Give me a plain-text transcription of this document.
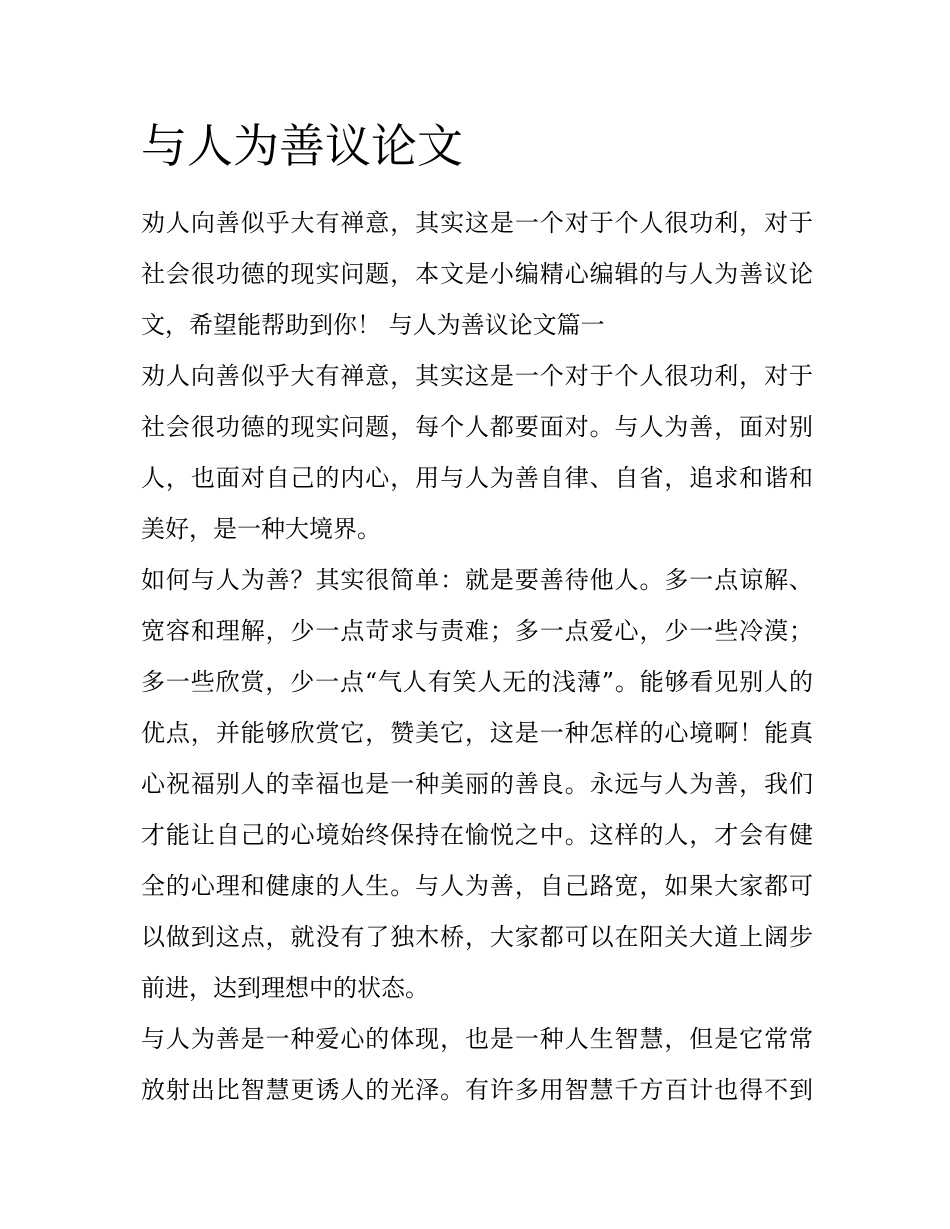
与人为善议论文
劝人向善似乎大有禅意，其实这是一个对于个人很功利，对于
社会很功德的现实问题，本文是小编精心编辑的与人为善议论
文，希望能帮助到你！ 与人为善议论文篇一
劝人向善似乎大有禅意，其实这是一个对于个人很功利，对于
社会很功德的现实问题，每个人都要面对。与人为善，面对别
人，也面对自己的内心，用与人为善自律、自省，追求和谐和
美好，是一种大境界。
如何与人为善？其实很简单：就是要善待他人。多一点谅解、
宽容和理解，少一点苛求与责难；多一点爱心，少一些冷漠；
多一些欣赏，少一点“气人有笑人无的浅薄”。能够看见别人的
优点，并能够欣赏它，赞美它，这是一种怎样的心境啊！能真
心祝福别人的幸福也是一种美丽的善良。永远与人为善，我们
才能让自己的心境始终保持在愉悦之中。这样的人，才会有健
全的心理和健康的人生。与人为善，自己路宽，如果大家都可
以做到这点，就没有了独木桥，大家都可以在阳关大道上阔步
前进，达到理想中的状态。
与人为善是一种爱心的体现，也是一种人生智慧，但是它常常
放射出比智慧更诱人的光泽。有许多用智慧千方百计也得不到
